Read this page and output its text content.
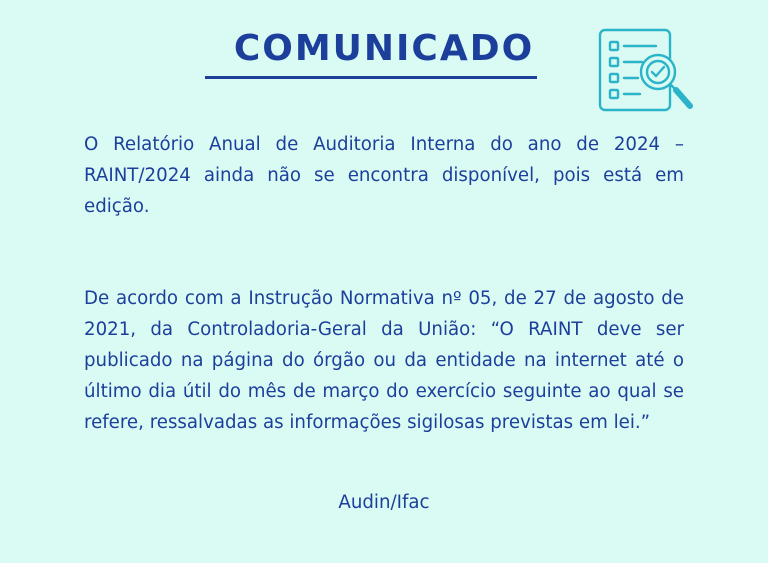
COMUNICADO

O Relatório Anual de Auditoria Interna do ano de 2024 – RAINT/2024 ainda não se encontra disponível, pois está em edição.

De acordo com a Instrução Normativa nº 05, de 27 de agosto de 2021, da Controladoria-Geral da União: “O RAINT deve ser publicado na página do órgão ou da entidade na internet até o último dia útil do mês de março do exercício seguinte ao qual se refere, ressalvadas as informações sigilosas previstas em lei.”

Audin/Ifac
